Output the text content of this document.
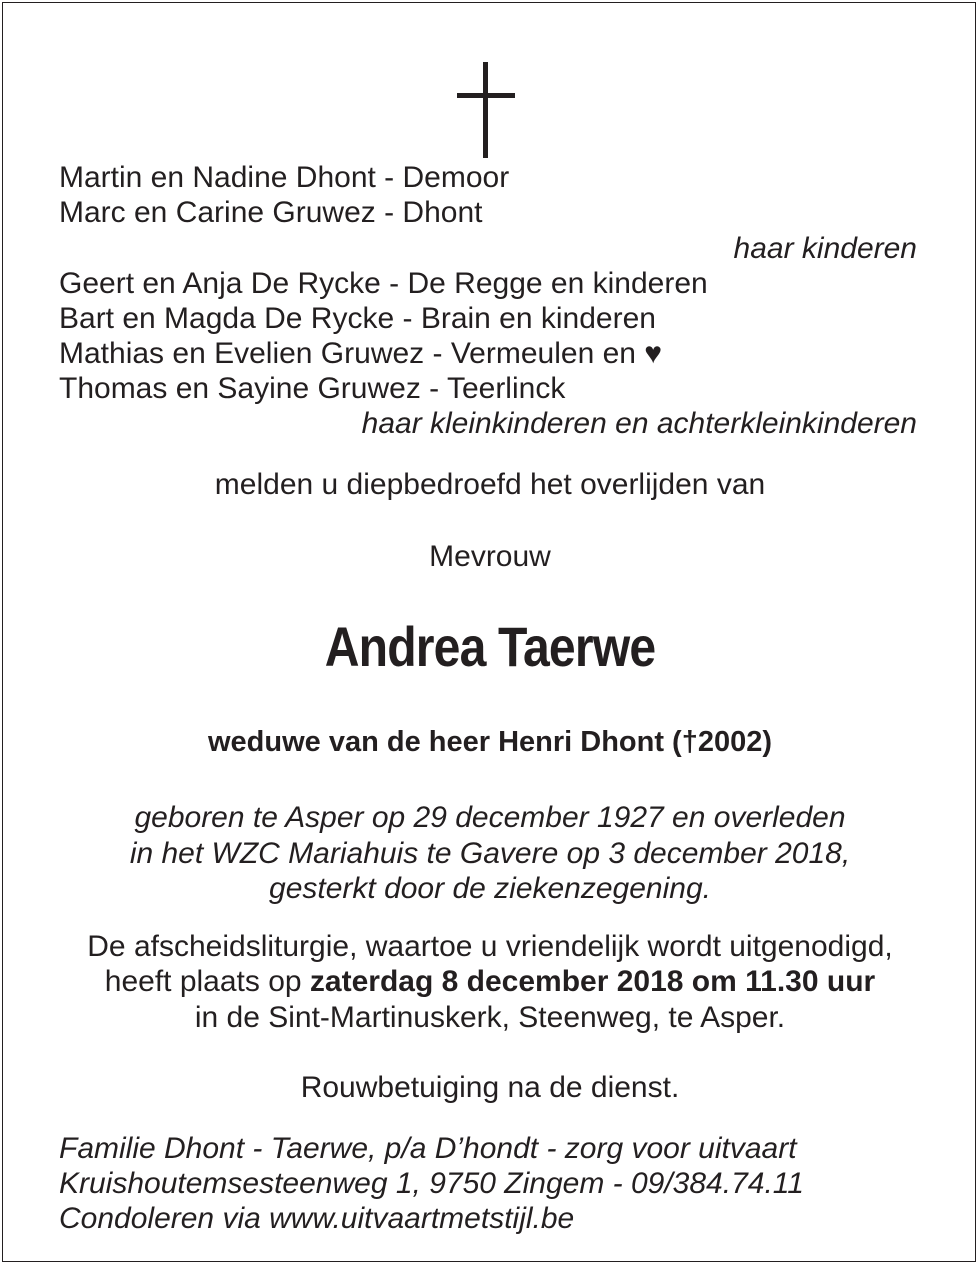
Martin en Nadine Dhont - Demoor
Marc en Carine Gruwez - Dhont
haar kinderen
Geert en Anja De Rycke - De Regge en kinderen
Bart en Magda De Rycke - Brain en kinderen
Mathias en Evelien Gruwez - Vermeulen en ♥
Thomas en Sayine Gruwez - Teerlinck
haar kleinkinderen en achterkleinkinderen
melden u diepbedroefd het overlijden van
Mevrouw
Andrea Taerwe
weduwe van de heer Henri Dhont (†2002)
geboren te Asper op 29 december 1927 en overleden
in het WZC Mariahuis te Gavere op 3 december 2018,
gesterkt door de ziekenzegening.
De afscheidsliturgie, waartoe u vriendelijk wordt uitgenodigd,
heeft plaats op zaterdag 8 december 2018 om 11.30 uur
in de Sint-Martinuskerk, Steenweg, te Asper.
Rouwbetuiging na de dienst.
Familie Dhont - Taerwe, p/a D’hondt - zorg voor uitvaart
Kruishoutemsesteenweg 1, 9750 Zingem - 09/384.74.11
Condoleren via www.uitvaartmetstijl.be
